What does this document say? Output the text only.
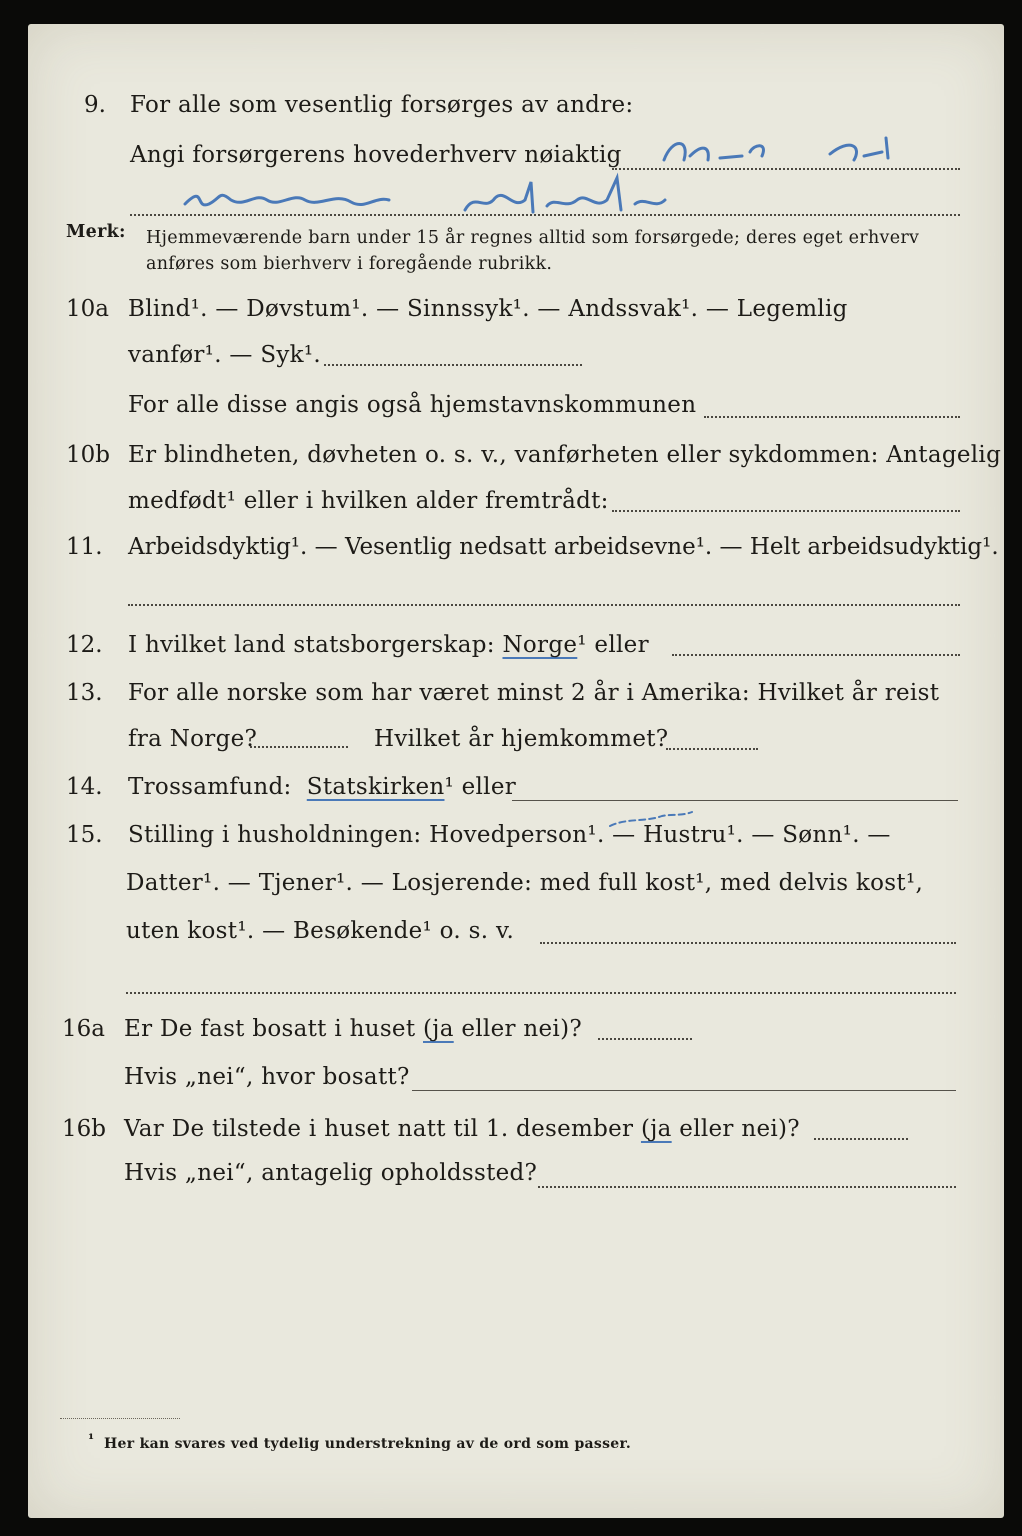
9. For alle som vesentlig forsørges av andre:
Angi forsørgerens hovederhverv nøiaktig
Merk: Hjemmeværende barn under 15 år regnes alltid som forsørgede; deres eget erhverv
anføres som bierhverv i foregående rubrikk.
10a Blind¹. — Døvstum¹. — Sinnssyk¹. — Andssvak¹. — Legemlig
vanfør¹. — Syk¹.
For alle disse angis også hjemstavnskommunen
10b Er blindheten, døvheten o. s. v., vanførheten eller sykdommen: Antagelig
medfødt¹ eller i hvilken alder fremtrådt:
11. Arbeidsdyktig¹. — Vesentlig nedsatt arbeidsevne¹. — Helt arbeidsudyktig¹.
12. I hvilket land statsborgerskap: Norge¹ eller
13. For alle norske som har været minst 2 år i Amerika: Hvilket år reist
fra Norge?	Hvilket år hjemkommet?
14. Trossamfund: Statskirken¹ eller
15. Stilling i husholdningen: Hovedperson¹. — Hustru¹. — Sønn¹. —
Datter¹. — Tjener¹. — Losjerende: med full kost¹, med delvis kost¹,
uten kost¹. — Besøkende¹ o. s. v.
16a Er De fast bosatt i huset (ja eller nei)?
Hvis „nei“, hvor bosatt?
16b Var De tilstede i huset natt til 1. desember (ja eller nei)?
Hvis „nei“, antagelig opholdssted?
¹ Her kan svares ved tydelig understrekning av de ord som passer.
